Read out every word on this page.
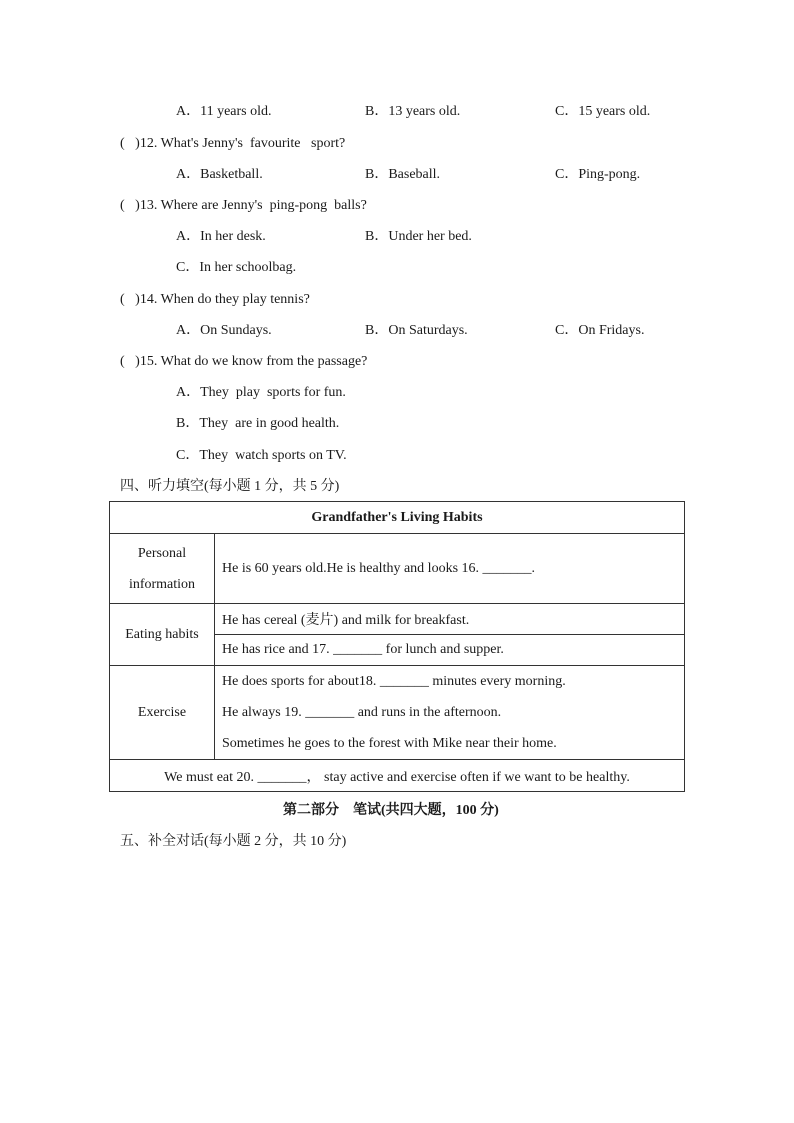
A．11 years old.	B．13 years old.	C．15 years old.
(   )12. What's Jenny's  favourite   sport?
A．Basketball.	B．Baseball.	C．Ping-pong.
(   )13. Where are Jenny's  ping-pong  balls?
A．In her desk.	B．Under her bed.
C．In her schoolbag.
(   )14. When do they play tennis?
A．On Sundays.	B．On Saturdays.	C．On Fridays.
(   )15. What do we know from the passage?
A．They  play  sports for fun.
B．They  are in good health.
C．They  watch sports on TV.
四、听力填空(每小题 1 分，共 5 分)
Grandfather's Living Habits	

Personal
information	He is 60 years old.He is healthy and looks 16. _______.
Eating habits	He has cereal (麦片) and milk for breakfast.
	He has rice and 17. _______ for lunch and supper.
Exercise	He does sports for about18. _______ minutes every morning.
He always 19. _______ and runs in the afternoon.
Sometimes he goes to the forest with Mike near their home.

We must eat 20. _______， stay active and exercise often if we want to be healthy.	
第二部分    笔试(共四大题，100 分)
五、补全对话(每小题 2 分，共 10 分)
